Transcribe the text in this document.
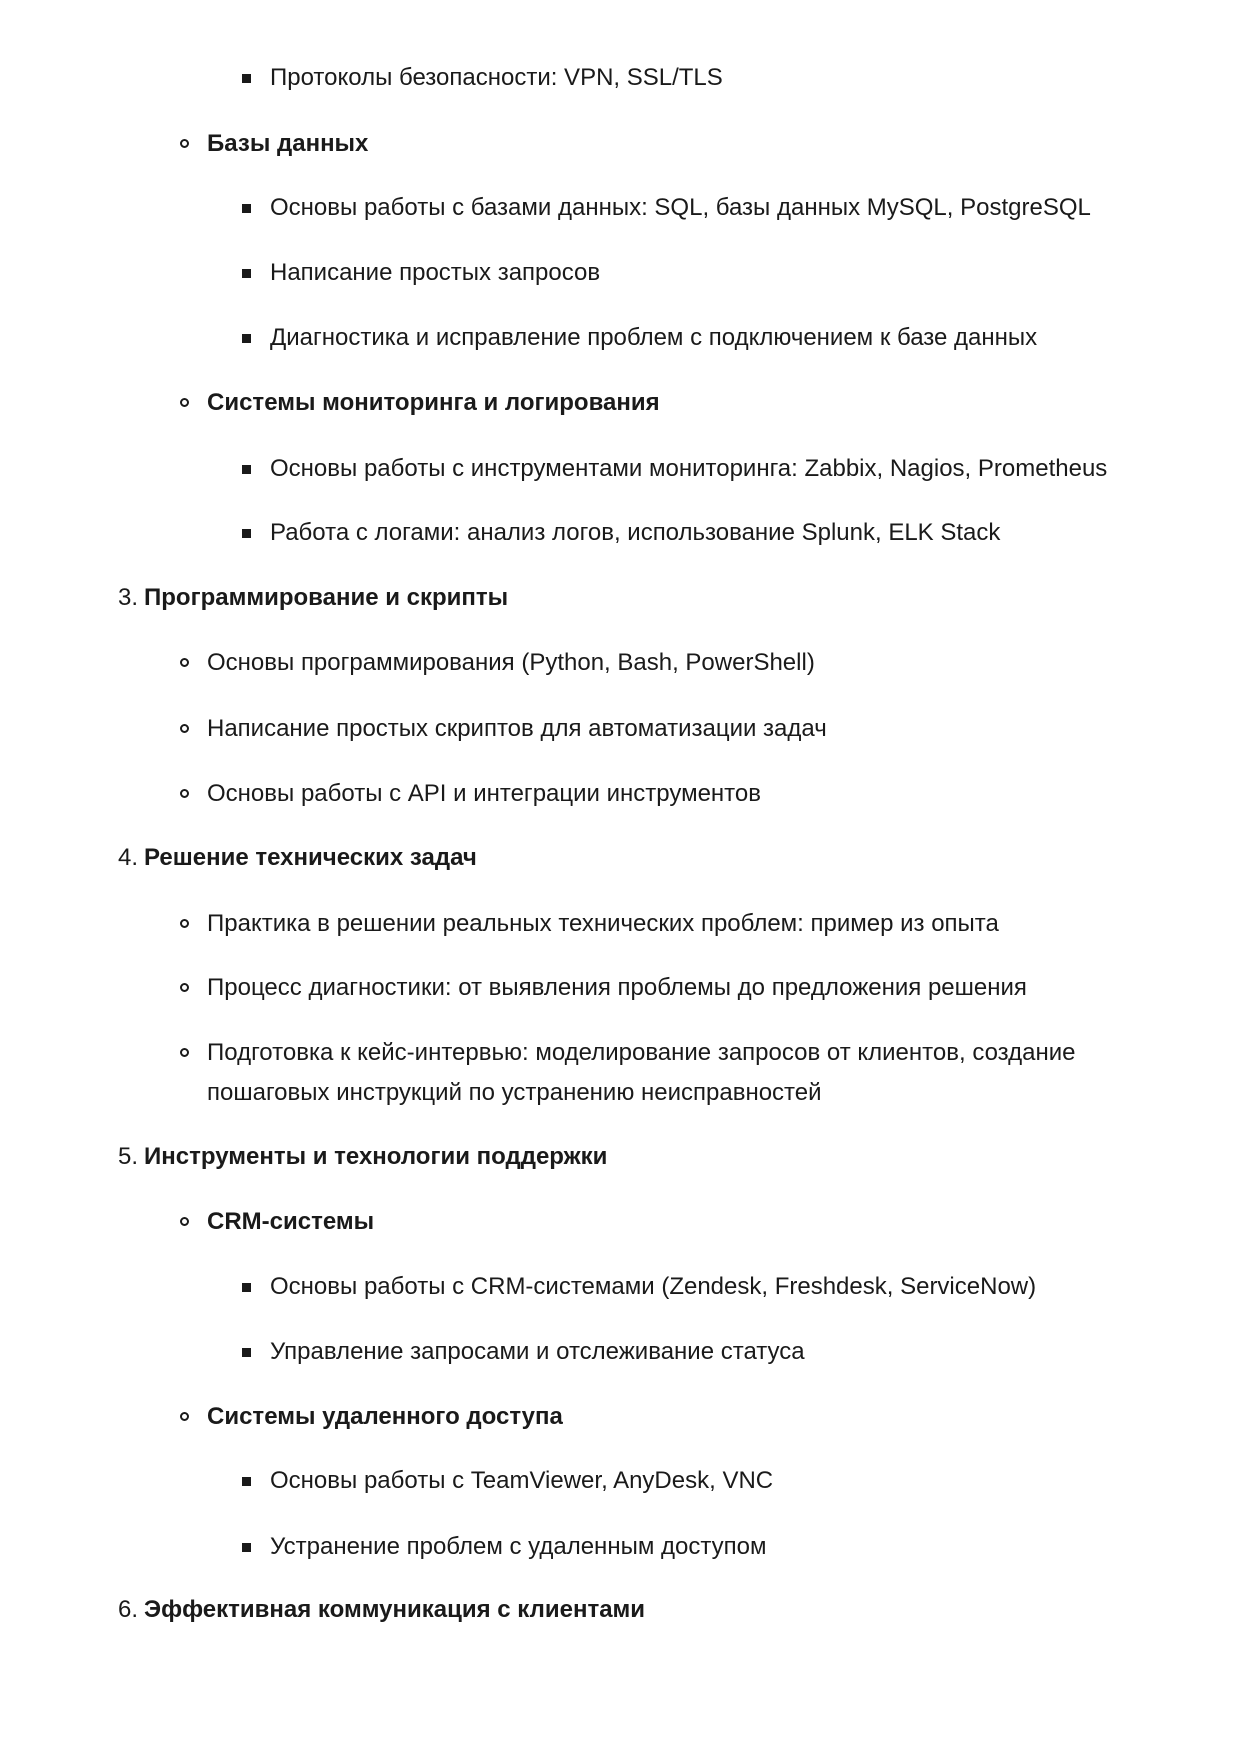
Протоколы безопасности: VPN, SSL/TLS
Базы данных
Основы работы с базами данных: SQL, базы данных MySQL, PostgreSQL
Написание простых запросов
Диагностика и исправление проблем с подключением к базе данных
Системы мониторинга и логирования
Основы работы с инструментами мониторинга: Zabbix, Nagios, Prometheus
Работа с логами: анализ логов, использование Splunk, ELK Stack
3. Программирование и скрипты
Основы программирования (Python, Bash, PowerShell)
Написание простых скриптов для автоматизации задач
Основы работы с API и интеграции инструментов
4. Решение технических задач
Практика в решении реальных технических проблем: пример из опыта
Процесс диагностики: от выявления проблемы до предложения решения
Подготовка к кейс-интервью: моделирование запросов от клиентов, создание
пошаговых инструкций по устранению неисправностей
5. Инструменты и технологии поддержки
CRM-системы
Основы работы с CRM-системами (Zendesk, Freshdesk, ServiceNow)
Управление запросами и отслеживание статуса
Системы удаленного доступа
Основы работы с TeamViewer, AnyDesk, VNC
Устранение проблем с удаленным доступом
6. Эффективная коммуникация с клиентами
